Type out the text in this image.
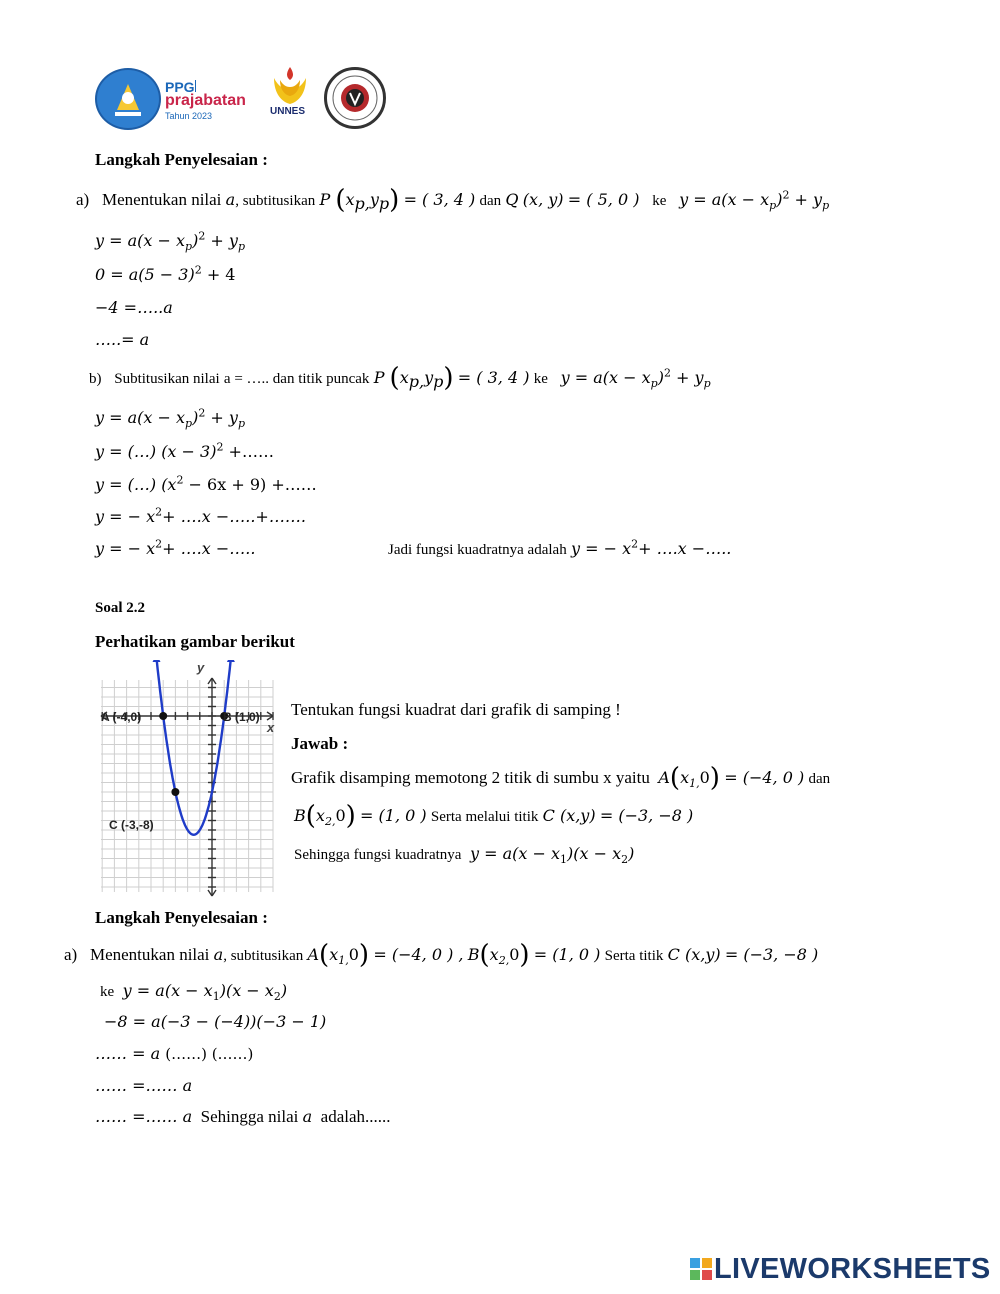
PPG

prajabatan
Tahun 2023	UNNES
Langkah Penyelesaian :
a) Menentukan nilai a, subtitusikan P $(x_{p,}y_p)$ = ( 3, 4 ) dan Q (x, y) = ( 5, 0 ) ke $y = a(x - x_p)^2 + y_p$
$y = a(x - x_p)^2 + y_p$
$0 = a(5 - 3)^2 + 4$
−4 =…..a
…..= a
b) Subtitusikan nilai a = ….. dan titik puncak P $(x_{p,}y_p)$ = ( 3, 4 ) ke $y = a(x - x_p)^2 + y_p$
$y = a(x - x_p)^2 + y_p$
y = (…) $(x - 3)^2$ +……
y = (…) $(x^2 - 6x + 9)$ +……
y = − $x^2+$ ….x −…..+…….
y = − $x^2+$ ….x −…..	Jadi fungsi kuadratnya adalah y = − $x^2+$ ….x −…..
Soal 2.2
Perhatikan gambar berikut
y
x
A (-4,0)	B (1,0)
C (-3,-8)
Tentukan fungsi kuadrat dari grafik di samping !
Jawab :
Grafik disamping memotong 2 titik di sumbu x yaitu $A(x_{1,}0) = (-4$, 0 ) dan
$B(x_{2,}0) = (1$, 0 ) Serta melalui titik C (x,y) = (−3, −8 )
Sehingga fungsi kuadratnya $y = a(x - x_1)(x - x_2)$
Langkah Penyelesaian :
a) Menentukan nilai a, subtitusikan $A(x_{1,}0) = (-4$, 0 ) , $B(x_{2,}0) = (1$, 0 ) Serta titik C (x,y) = (−3, −8 )
ke $y = a(x - x_1)(x - x_2)$
−8 = a(−3 − (−4))(−3 − 1)
…… = a (……) (……)
…… =…… a
…… =…… a Sehingga nilai a adalah......
LIVEWORKSHEETS
